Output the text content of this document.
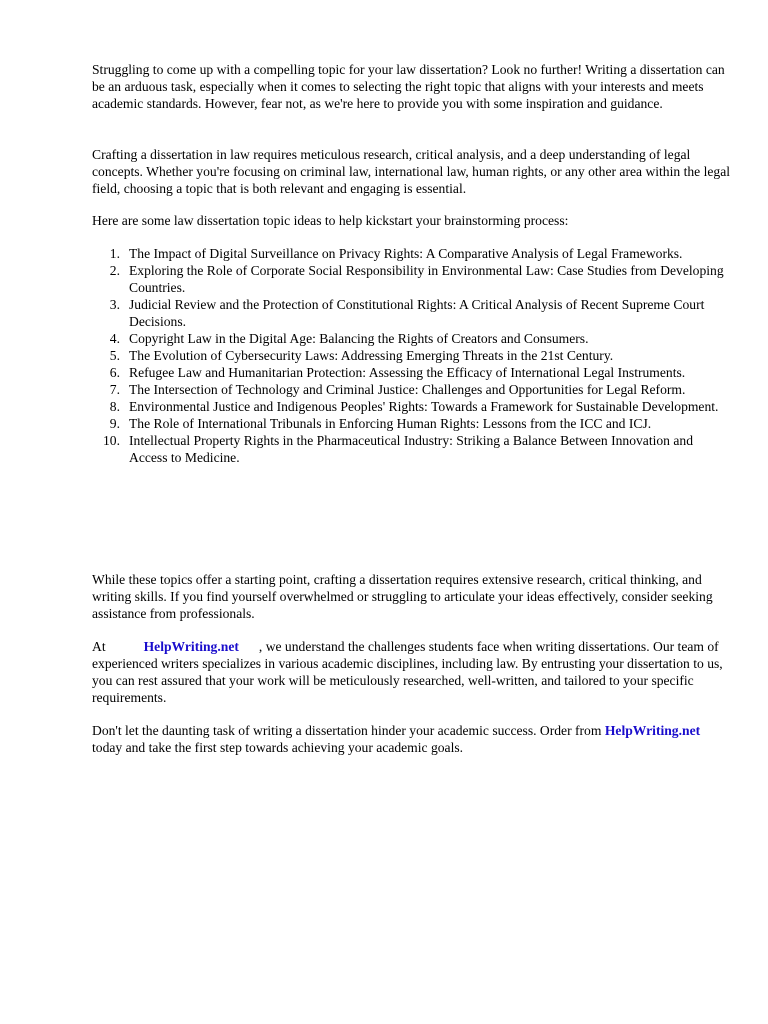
Struggling to come up with a compelling topic for your law dissertation? Look no further! Writing a dissertation can be an arduous task, especially when it comes to selecting the right topic that aligns with your interests and meets academic standards. However, fear not, as we're here to provide you with some inspiration and guidance.

Crafting a dissertation in law requires meticulous research, critical analysis, and a deep understanding of legal concepts. Whether you're focusing on criminal law, international law, human rights, or any other area within the legal field, choosing a topic that is both relevant and engaging is essential.

Here are some law dissertation topic ideas to help kickstart your brainstorming process:

1. The Impact of Digital Surveillance on Privacy Rights: A Comparative Analysis of Legal Frameworks.
2. Exploring the Role of Corporate Social Responsibility in Environmental Law: Case Studies from Developing Countries.
3. Judicial Review and the Protection of Constitutional Rights: A Critical Analysis of Recent Supreme Court Decisions.
4. Copyright Law in the Digital Age: Balancing the Rights of Creators and Consumers.
5. The Evolution of Cybersecurity Laws: Addressing Emerging Threats in the 21st Century.
6. Refugee Law and Humanitarian Protection: Assessing the Efficacy of International Legal Instruments.
7. The Intersection of Technology and Criminal Justice: Challenges and Opportunities for Legal Reform.
8. Environmental Justice and Indigenous Peoples' Rights: Towards a Framework for Sustainable Development.
9. The Role of International Tribunals in Enforcing Human Rights: Lessons from the ICC and ICJ.
10. Intellectual Property Rights in the Pharmaceutical Industry: Striking a Balance Between Innovation and Access to Medicine.

While these topics offer a starting point, crafting a dissertation requires extensive research, critical thinking, and writing skills. If you find yourself overwhelmed or struggling to articulate your ideas effectively, consider seeking assistance from professionals.

At	HelpWriting.net , we understand the challenges students face when writing dissertations. Our team of experienced writers specializes in various academic disciplines, including law. By entrusting your dissertation to us, you can rest assured that your work will be meticulously researched, well-written, and tailored to your specific requirements.

Don't let the daunting task of writing a dissertation hinder your academic success. Order from HelpWriting.nettoday and take the first step towards achieving your academic goals.
